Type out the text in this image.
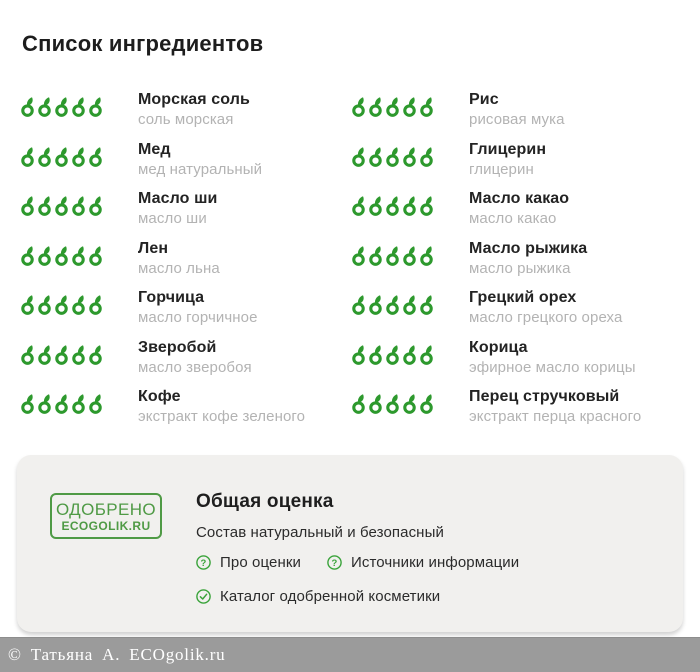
Список ингредиентов
Морская соль
соль морская
Мед
мед натуральный
Масло ши
масло ши
Лен
масло льна
Горчица
масло горчичное
Зверобой
масло зверобоя
Кофе
экстракт кофе зеленого
Рис
рисовая мука
Глицерин
глицерин
Масло какао
масло какао
Масло рыжика
масло рыжика
Грецкий орех
масло грецкого ореха
Корица
эфирное масло корицы
Перец стручковый
экстракт перца красного
ОДОБРЕНО
ECOGOLIK.RU
Общая оценка
Состав натуральный и безопасный
? Про оценки	? Источники информации
Каталог одобренной косметики
© Татьяна А. ECOgolik.ru
